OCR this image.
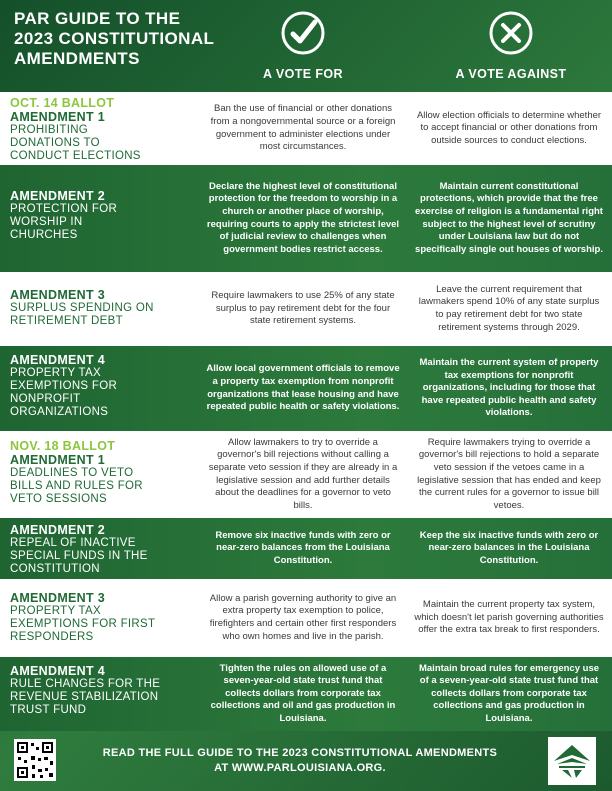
PAR GUIDE TO THE
2023 CONSTITUTIONAL
AMENDMENTS
A VOTE FOR	A VOTE AGAINST
OCT. 14 BALLOT
AMENDMENT 1
PROHIBITING
DONATIONS TO
CONDUCT ELECTIONS
Ban the use of financial or other donations from a nongovernmental source or a foreign government to administer elections under most circumstances.
Allow election officials to determine whether to accept financial or other donations from outside sources to conduct elections.
AMENDMENT 2
PROTECTION FOR
WORSHIP IN
CHURCHES
Declare the highest level of constitutional protection for the freedom to worship in a church or another place of worship, requiring courts to apply the strictest level of judicial review to challenges when government bodies restrict access.
Maintain current constitutional protections, which provide that the free exercise of religion is a fundamental right subject to the highest level of scrutiny under Louisiana law but do not specifically single out houses of worship.
AMENDMENT 3
SURPLUS SPENDING ON
RETIREMENT DEBT
Require lawmakers to use 25% of any state surplus to pay retirement debt for the four state retirement systems.
Leave the current requirement that lawmakers spend 10% of any state surplus to pay retirement debt for two state retirement systems through 2029.
AMENDMENT 4
PROPERTY TAX
EXEMPTIONS FOR
NONPROFIT
ORGANIZATIONS
Allow local government officials to remove a property tax exemption from nonprofit organizations that lease housing and have repeated public health or safety violations.
Maintain the current system of property tax exemptions for nonprofit organizations, including for those that have repeated public health and safety violations.
NOV. 18 BALLOT
AMENDMENT 1
DEADLINES TO VETO
BILLS AND RULES FOR
VETO SESSIONS
Allow lawmakers to try to override a governor's bill rejections without calling a separate veto session if they are already in a legislative session and add further details about the deadlines for a governor to veto bills.
Require lawmakers trying to override a governor's bill rejections to hold a separate veto session if the vetoes came in a legislative session that has ended and keep the current rules for a governor to issue bill vetoes.
AMENDMENT 2
REPEAL OF INACTIVE
SPECIAL FUNDS IN THE
CONSTITUTION
Remove six inactive funds with zero or near-zero balances from the Louisiana Constitution.
Keep the six inactive funds with zero or near-zero balances in the Louisiana Constitution.
AMENDMENT 3
PROPERTY TAX
EXEMPTIONS FOR FIRST
RESPONDERS
Allow a parish governing authority to give an extra property tax exemption to police, firefighters and certain other first responders who own homes and live in the parish.
Maintain the current property tax system, which doesn't let parish governing authorities offer the extra tax break to first responders.
AMENDMENT 4
RULE CHANGES FOR THE
REVENUE STABILIZATION
TRUST FUND
Tighten the rules on allowed use of a seven-year-old state trust fund that collects dollars from corporate tax collections and oil and gas production in Louisiana.
Maintain broad rules for emergency use of a seven-year-old state trust fund that collects dollars from corporate tax collections and gas production in Louisiana.
READ THE FULL GUIDE TO THE 2023 CONSTITUTIONAL AMENDMENTS
AT WWW.PARLOUISIANA.ORG.
